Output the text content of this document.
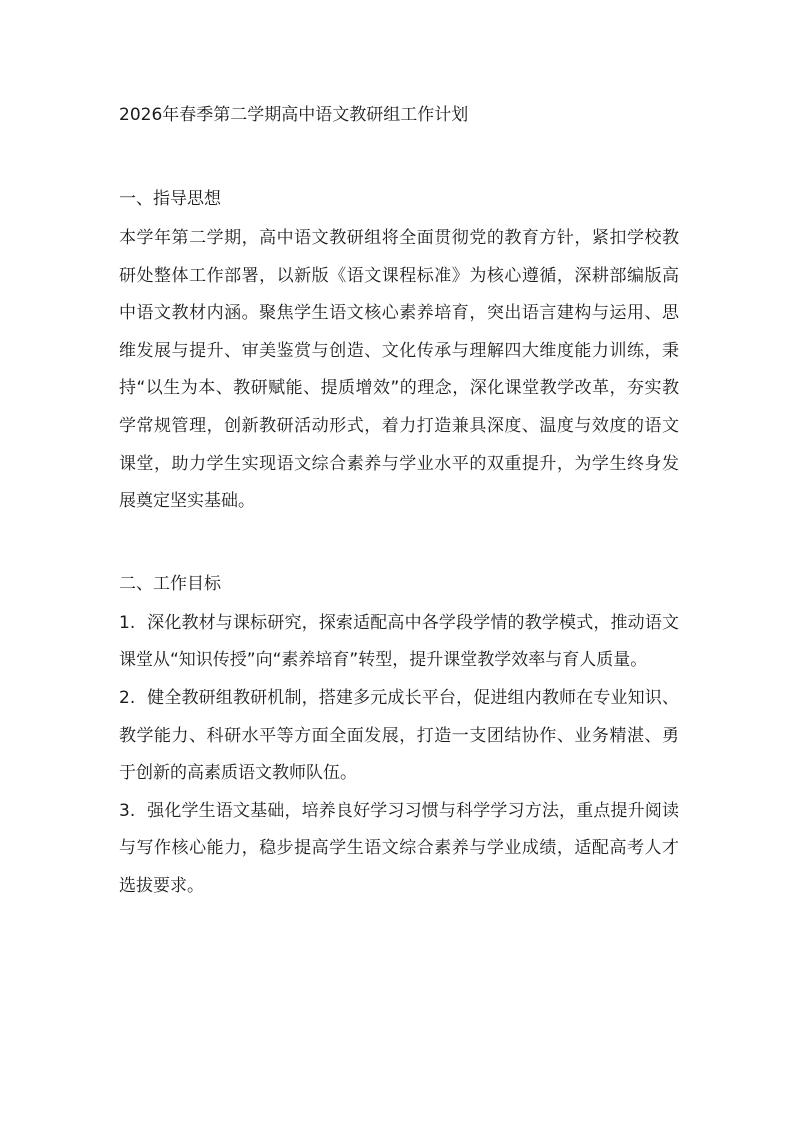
2026年春季第二学期高中语文教研组工作计划

一、指导思想

本学年第二学期，高中语文教研组将全面贯彻党的教育方针，紧扣学校教研处整体工作部署，以新版《语文课程标准》为核心遵循，深耕部编版高中语文教材内涵。聚焦学生语文核心素养培育，突出语言建构与运用、思维发展与提升、审美鉴赏与创造、文化传承与理解四大维度能力训练，秉持“以生为本、教研赋能、提质增效”的理念，深化课堂教学改革，夯实教学常规管理，创新教研活动形式，着力打造兼具深度、温度与效度的语文课堂，助力学生实现语文综合素养与学业水平的双重提升，为学生终身发展奠定坚实基础。

二、工作目标

1. 深化教材与课标研究，探索适配高中各学段学情的教学模式，推动语文课堂从“知识传授”向“素养培育”转型，提升课堂教学效率与育人质量。

2. 健全教研组教研机制，搭建多元成长平台，促进组内教师在专业知识、教学能力、科研水平等方面全面发展，打造一支团结协作、业务精湛、勇于创新的高素质语文教师队伍。

3. 强化学生语文基础，培养良好学习习惯与科学学习方法，重点提升阅读与写作核心能力，稳步提高学生语文综合素养与学业成绩，适配高考人才选拔要求。
